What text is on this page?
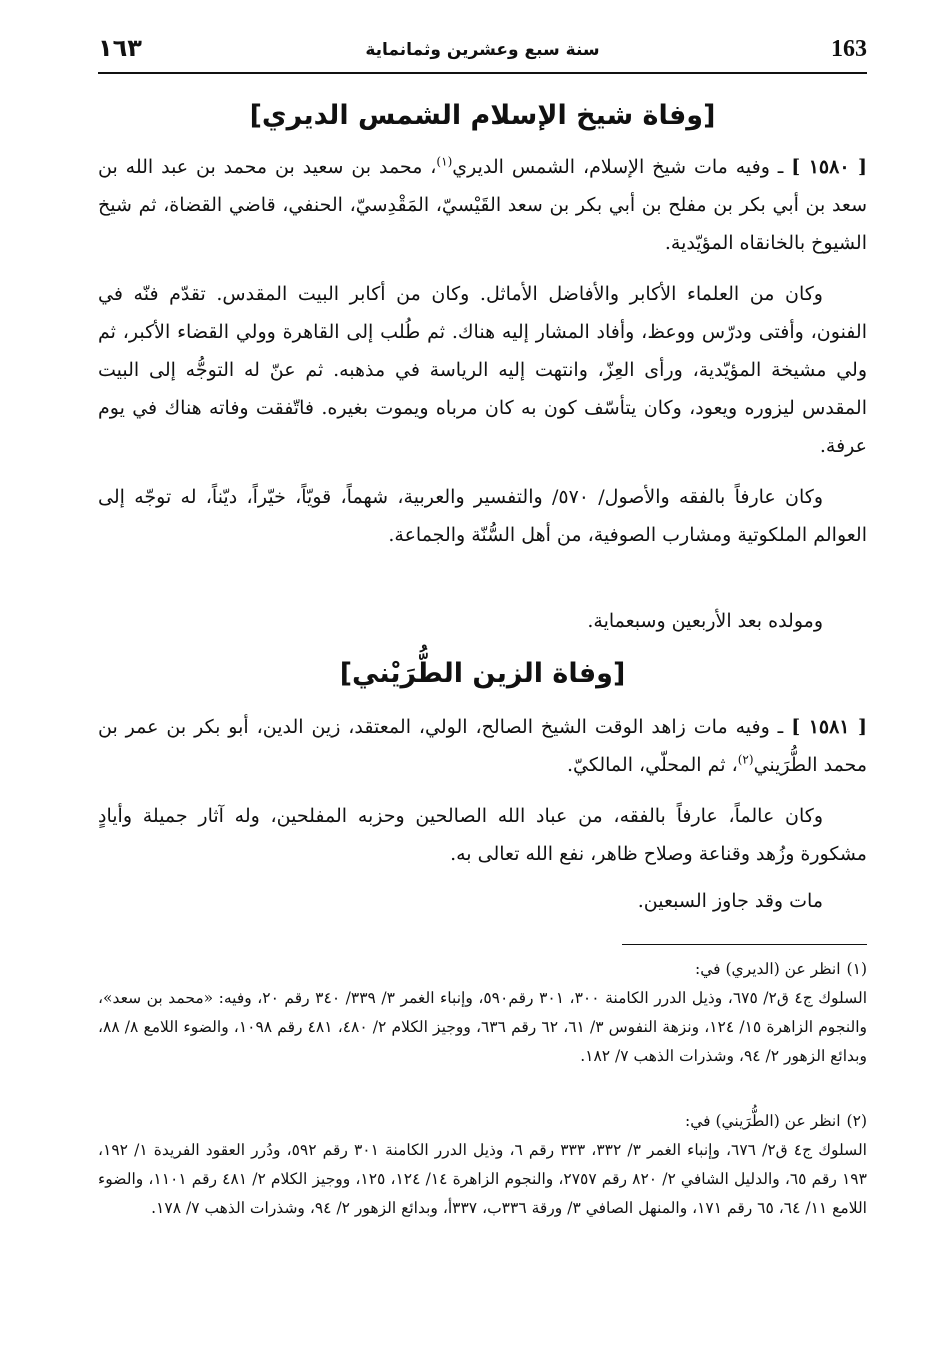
163
سنة سبع وعشرين وثمانماية
١٦٣
[وفاة شيخ الإسلام الشمس الديري]
[ ١٥٨٠ ] ـ وفيه مات شيخ الإسلام، الشمس الديري$^{(١)}$، محمد بن سعيد بن محمد بن عبد الله بن سعد بن أبي بكر بن مفلح بن أبي بكر بن سعد القَيْسيّ، المَقْدِسيّ، الحنفي، قاضي القضاة، ثم شيخ الشيوخ بالخانقاه المؤيّدية.
وكان من العلماء الأكابر والأفاضل الأماثل. وكان من أكابر البيت المقدس. تقدّم فنّه في الفنون، وأفتى ودرّس ووعظ، وأفاد المشار إليه هناك. ثم طُلب إلى القاهرة وولي القضاء الأكبر، ثم ولي مشيخة المؤيّدية، ورأى العِزّ، وانتهت إليه الرياسة في مذهبه. ثم عنّ له التوجُّه إلى البيت المقدس ليزوره ويعود، وكان يتأسّف كون به كان مرباه ويموت بغيره. فاتّفقت وفاته هناك في يوم عرفة.
وكان عارفاً بالفقه والأصول/ ٥٧٠/ والتفسير والعربية، شهماً، قويّاً، خيّراً، ديّناً، له توجّه إلى العوالم الملكوتية ومشارب الصوفية، من أهل السُّنّة والجماعة.
ومولده بعد الأربعين وسبعماية.
[وفاة الزين الطُّرَيْني]
[ ١٥٨١ ] ـ وفيه مات زاهد الوقت الشيخ الصالح، الولي، المعتقد، زين الدين، أبو بكر بن عمر بن محمد الطُّرَيني$^{(٢)}$، ثم المحلّي، المالكيّ.
وكان عالماً، عارفاً بالفقه، من عباد الله الصالحين وحزبه المفلحين، وله آثار جميلة وأيادٍ مشكورة وزُهد وقناعة وصلاح ظاهر، نفع الله تعالى به.
مات وقد جاوز السبعين.
(١)انظر عن (الديري) في:
السلوك ج٤ ق٢/ ٦٧٥، وذيل الدرر الكامنة ٣٠٠، ٣٠١ رقم٥٩٠، وإنباء الغمر ٣/ ٣٣٩/ ٣٤٠ رقم ٢٠، وفيه: «محمد بن سعد»، والنجوم الزاهرة ١٥/ ١٢٤، ونزهة النفوس ٣/ ٦١، ٦٢ رقم ٦٣٦، ووجيز الكلام ٢/ ٤٨٠، ٤٨١ رقم ١٠٩٨، والضوء اللامع ٨/ ٨٨، وبدائع الزهور ٢/ ٩٤، وشذرات الذهب ٧/ ١٨٢.
(٢)انظر عن (الطُّرَيني) في:
السلوك ج٤ ق٢/ ٦٧٦، وإنباء الغمر ٣/ ٣٣٢، ٣٣٣ رقم ٦، وذيل الدرر الكامنة ٣٠١ رقم ٥٩٢، ودُرر العقود الفريدة ١/ ١٩٢، ١٩٣ رقم ٦٥، والدليل الشافي ٢/ ٨٢٠ رقم ٢٧٥٧، والنجوم الزاهرة ١٤/ ١٢٤، ١٢٥، ووجيز الكلام ٢/ ٤٨١ رقم ١١٠١، والضوء اللامع ١١/ ٦٤، ٦٥ رقم ١٧١، والمنهل الصافي ٣/ ورقة ٣٣٦ب، ٣٣٧أ، وبدائع الزهور ٢/ ٩٤، وشذرات الذهب ٧/ ١٧٨.
